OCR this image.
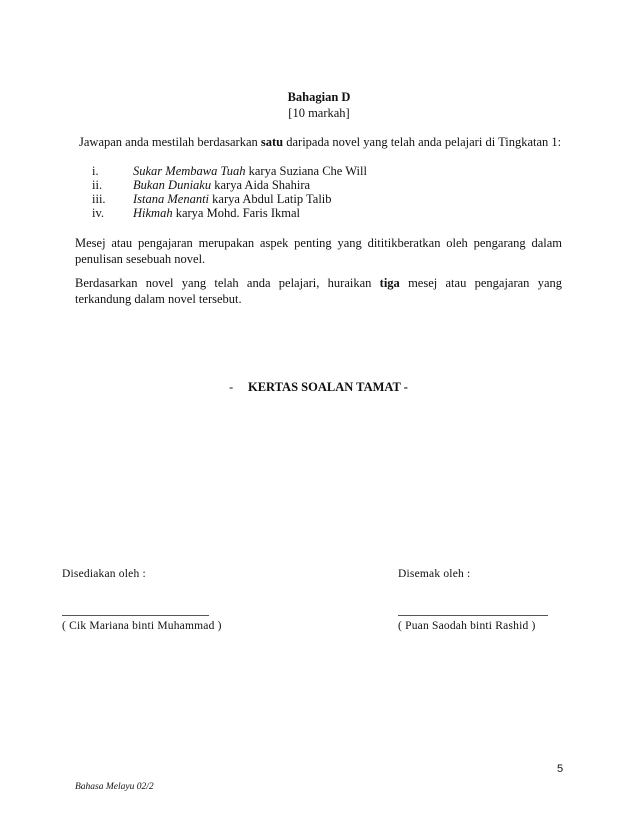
Bahagian D
[10 markah]
Jawapan anda mestilah berdasarkan satu daripada novel yang telah anda pelajari di Tingkatan 1:
i.	Sukar Membawa Tuah karya Suziana Che Will
ii. Bukan Duniaku karya Aida Shahira
iii. Istana Menanti karya Abdul Latip Talib
iv. Hikmah karya Mohd. Faris Ikmal
Mesej atau pengajaran merupakan aspek penting yang dititikberatkan oleh pengarang dalam
penulisan sesebuah novel.
Berdasarkan novel yang telah anda pelajari, huraikan tiga mesej atau pengajaran yang
terkandung dalam novel tersebut.
- KERTAS SOALAN TAMAT -
Disediakan oleh :
( Cik Mariana binti Muhammad )
Disemak oleh :
( Puan Saodah binti Rashid )
5
Bahasa Melayu 02/2
